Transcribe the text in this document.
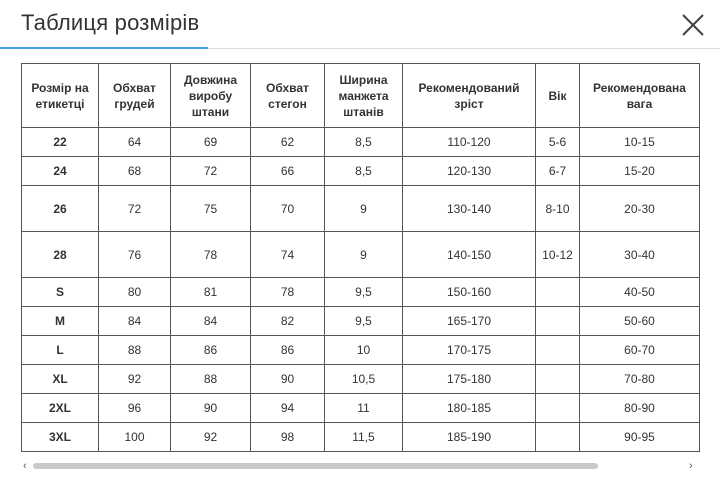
Таблиця розмірів
Розмір на етикетці	Обхват грудей	Довжина виробу штани	Обхват стегон	Ширина манжета штанів	Рекомендований зріст	Вік	Рекомендована вага
22	64	69	62	8,5	110-120	5-6	10-15
24	68	72	66	8,5	120-130	6-7	15-20
26	72	75	70	9	130-140	8-10	20-30
28	76	78	74	9	140-150	10-12	30-40
S	80	81	78	9,5	150-160		40-50
M	84	84	82	9,5	165-170		50-60
L	88	86	86	10	170-175		60-70
XL	92	88	90	10,5	175-180		70-80
2XL	96	90	94	11	180-185		80-90
3XL	100	92	98	11,5	185-190		90-95
‹	›
